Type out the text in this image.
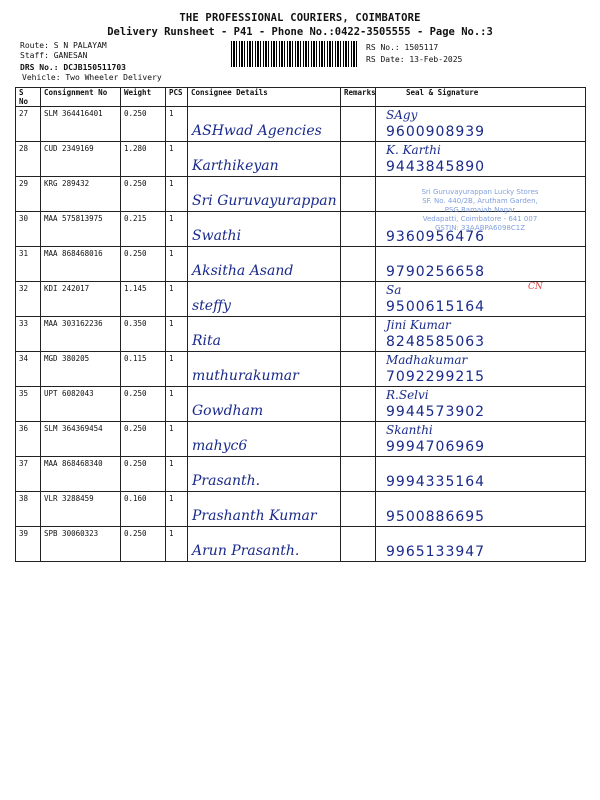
THE PROFESSIONAL COURIERS, COIMBATORE
Delivery Runsheet - P41 - Phone No.:0422-3505555 - Page No.:3
Route: S N PALAYAM
Staff: GANESAN
DRS No.: DCJB150511703
Vehicle: Two Wheeler Delivery
RS No.: 1505117
RS Date: 13-Feb-2025
S No	Consignment No	Weight	PCS	Consignee Details	Remarks	Seal & Signature
27	SLM 364416401	0.250	1	ASHwad Agencies		SAgy
9600908939

28	CUD 2349169	1.280	1	Karthikeyan		K. Karthi
9443845890

29	KRG 289432	0.250	1	Sri Guruvayurappan		

30	MAA 575813975	0.215	1	Swathi		9360956476

31	MAA 868468016	0.250	1	Aksitha Asand		9790256658

32	KDI 242017	1.145	1	steffy		Sa
9500615164

33	MAA 303162236	0.350	1	Rita		Jini Kumar
8248585063

34	MGD 380205	0.115	1	muthurakumar		Madhakumar
7092299215

35	UPT 6082043	0.250	1	Gowdham		R.Selvi
9944573902

36	SLM 364369454	0.250	1	mahyc6		Skanthi
9994706969

37	MAA 868468340	0.250	1	Prasanth.		9994335164

38	VLR 3288459	0.160	1	Prashanth Kumar		9500886695

39	SPB 30060323	0.250	1	Arun Prasanth.		9965133947
Sri Guruvayurappan Lucky Stores
SF. No. 440/2B, Arutham Garden,
PSG Ramaiah Nagar
Vedapatti, Coimbatore - 641 007
GSTIN: 33AABPA6098C1Z
CN
